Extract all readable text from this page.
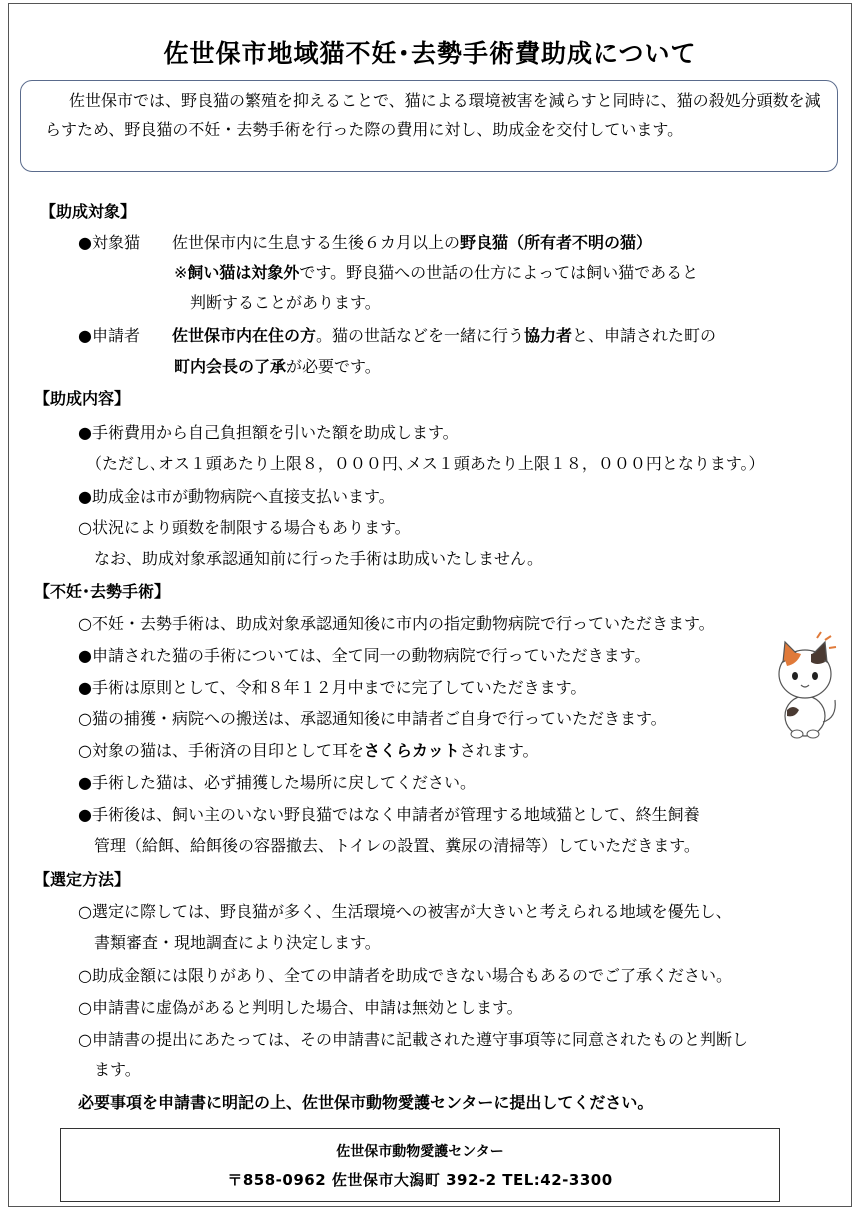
佐世保市地域猫不妊･去勢手術費助成について

佐世保市では、野良猫の繁殖を抑えることで、猫による環境被害を減らすと同時に、猫の殺処分頭数を減らすため、野良猫の不妊・去勢手術を行った際の費用に対し、助成金を交付しています。

【助成対象】
●対象猫 佐世保市内に生息する生後６カ月以上の野良猫（所有者不明の猫）
※飼い猫は対象外です。野良猫への世話の仕方によっては飼い猫であると
判断することがあります。
●申請者 佐世保市内在住の方。猫の世話などを一緒に行う協力者と、申請された町の
町内会長の了承が必要です。
【助成内容】
●手術費用から自己負担額を引いた額を助成します。
（ただし､オス１頭あたり上限８，０００円､メス１頭あたり上限１８，０００円となります。）
●助成金は市が動物病院へ直接支払います。
○状況により頭数を制限する場合もあります。
なお、助成対象承認通知前に行った手術は助成いたしません。
【不妊･去勢手術】
○不妊・去勢手術は、助成対象承認通知後に市内の指定動物病院で行っていただきます。
●申請された猫の手術については、全て同一の動物病院で行っていただきます。
●手術は原則として、令和８年１２月中までに完了していただきます。
○猫の捕獲・病院への搬送は、承認通知後に申請者ご自身で行っていただきます。
○対象の猫は、手術済の目印として耳をさくらカットされます。
●手術した猫は、必ず捕獲した場所に戻してください。
●手術後は、飼い主のいない野良猫ではなく申請者が管理する地域猫として、終生飼養
管理（給餌、給餌後の容器撤去、トイレの設置、糞尿の清掃等）していただきます。
【選定方法】
○選定に際しては、野良猫が多く、生活環境への被害が大きいと考えられる地域を優先し、
書類審査・現地調査により決定します。
○助成金額には限りがあり、全ての申請者を助成できない場合もあるのでご了承ください。
○申請書に虚偽があると判明した場合、申請は無効とします。
○申請書の提出にあたっては、その申請書に記載された遵守事項等に同意されたものと判断し
ます。
必要事項を申請書に明記の上、佐世保市動物愛護センターに提出してください。
佐世保市動物愛護センター
〒858-0962 佐世保市大潟町 392-2 TEL:42-3300
